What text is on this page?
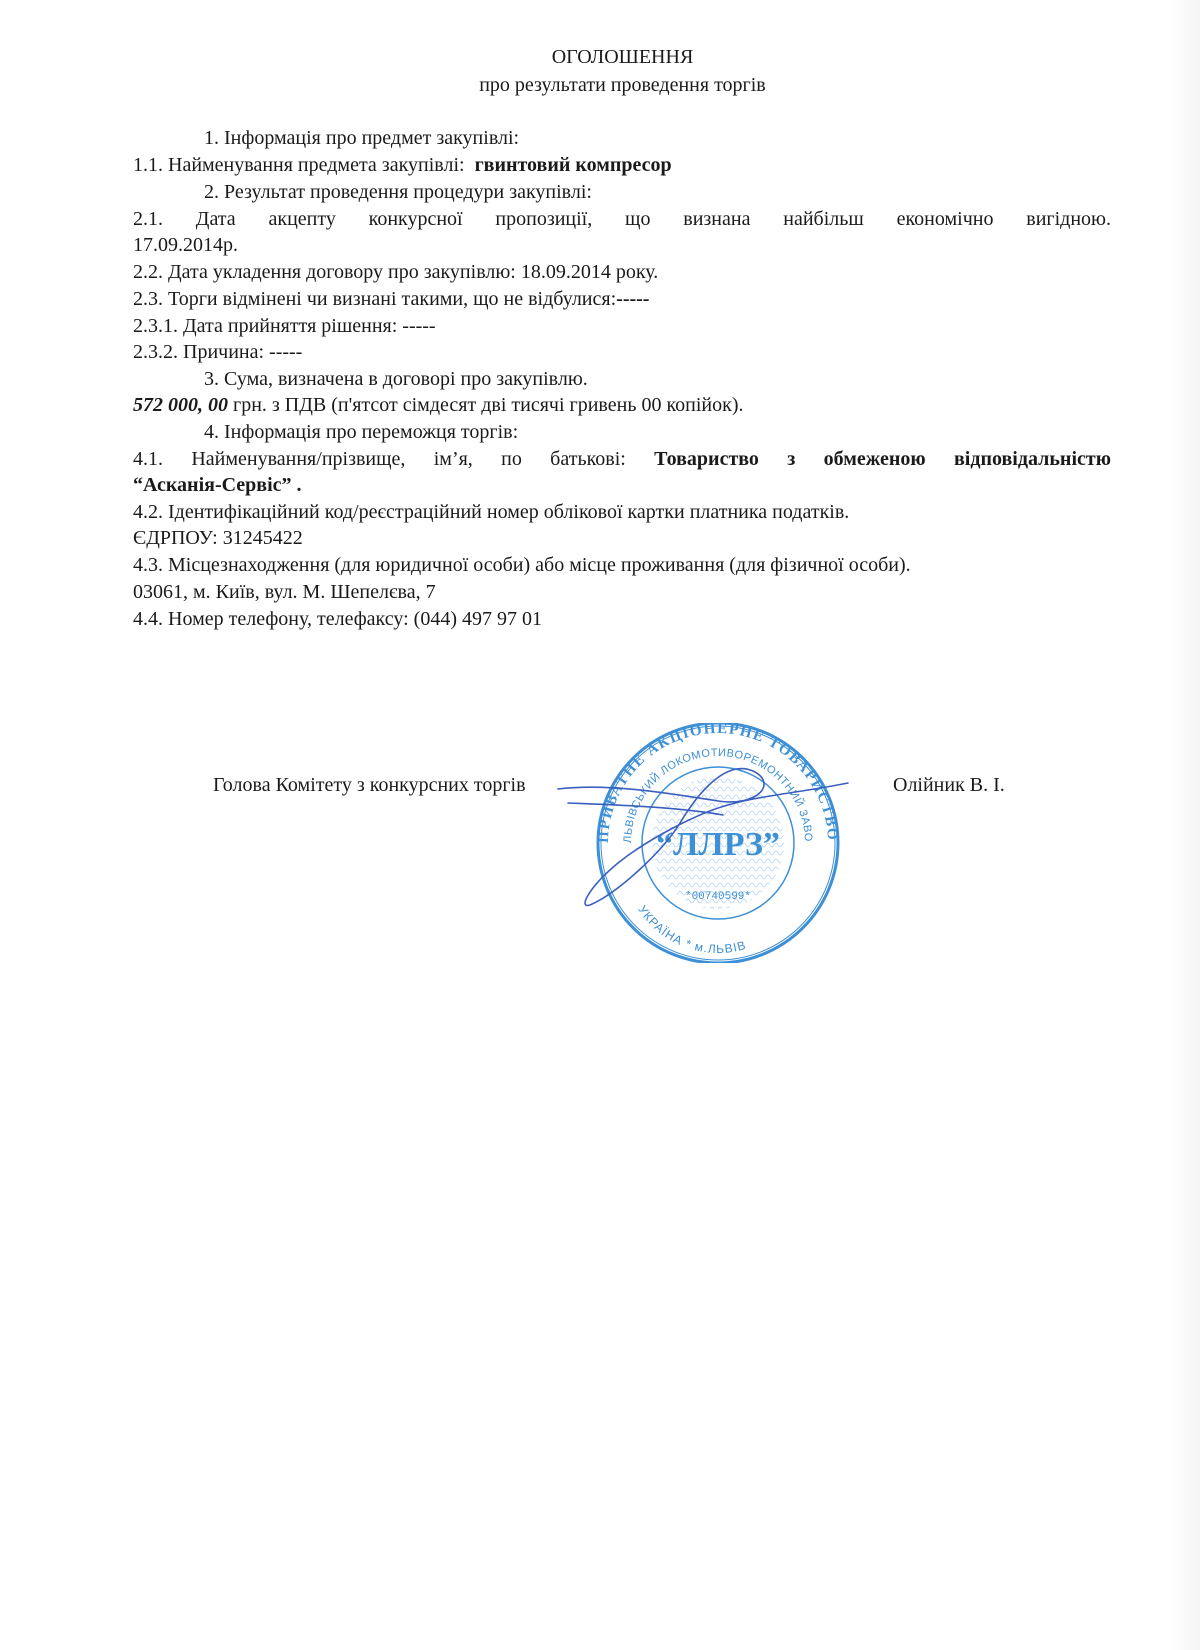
ОГОЛОШЕННЯ
про результати проведення торгів
1. Інформація про предмет закупівлі:
1.1. Найменування предмета закупівлі: гвинтовий компресор
2. Результат проведення процедури закупівлі:
2.1. Дата акцепту конкурсної пропозиції, що визнана найбільш економічно вигідною.
17.09.2014р.
2.2. Дата укладення договору про закупівлю: 18.09.2014 року.
2.3. Торги відмінені чи визнані такими, що не відбулися:-----
2.3.1. Дата прийняття рішення: -----
2.3.2. Причина: -----
3. Сума, визначена в договорі про закупівлю.
572 000, 00 грн. з ПДВ (п'ятсот сімдесят дві тисячі гривень 00 копійок).
4. Інформація про переможця торгів:
4.1. Найменування/прізвище, ім’я, по батькові: Товариство з обмеженою відповідальністю
“Асканія-Сервіс” .
4.2. Ідентифікаційний код/реєстраційний номер облікової картки платника податків.
ЄДРПОУ: 31245422
4.3. Місцезнаходження (для юридичної особи) або місце проживання (для фізичної особи).
03061, м. Київ, вул. М. Шепелєва, 7
4.4. Номер телефону, телефаксу: (044) 497 97 01
Голова Комітету з конкурсних торгів
ПРИВАТНЕ АКЦІОНЕРНЕ ТОВАРИСТВО
ЛЬВІВСЬКИЙ ЛОКОМОТИВОРЕМОНТНИЙ ЗАВО
УКРАЇНА * м.ЛЬВІВ
*00740599*
“ЛЛРЗ”
Олійник В. І.
